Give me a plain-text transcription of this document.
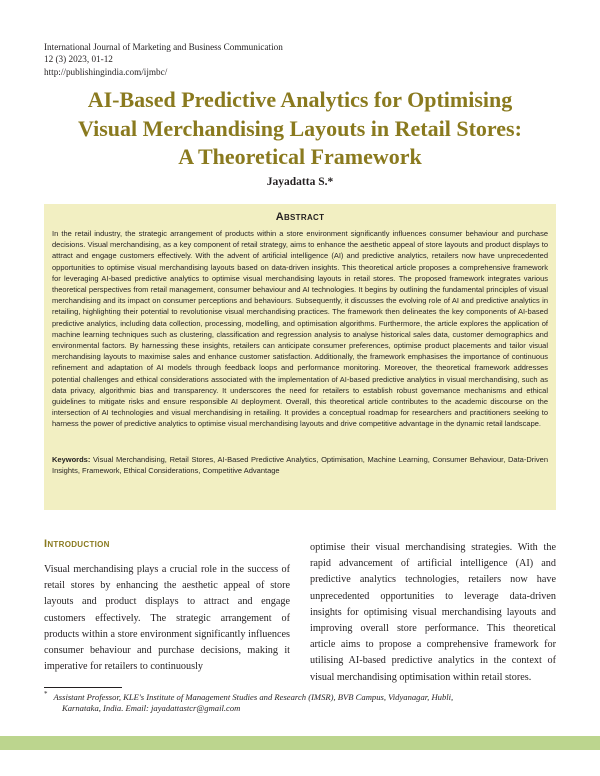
International Journal of Marketing and Business Communication
12 (3) 2023, 01-12
http://publishingindia.com/ijmbc/
AI-Based Predictive Analytics for Optimising
Visual Merchandising Layouts in Retail Stores:
A Theoretical Framework
Jayadatta S.*
Abstract

In the retail industry, the strategic arrangement of products within a store environment significantly influences consumer behaviour and purchase decisions. Visual merchandising, as a key component of retail strategy, aims to enhance the aesthetic appeal of store layouts and product displays to attract and engage customers effectively. With the advent of artificial intelligence (AI) and predictive analytics, retailers now have unprecedented opportunities to optimise visual merchandising layouts based on data-driven insights. This theoretical article proposes a comprehensive framework for leveraging AI-based predictive analytics to optimise visual merchandising layouts in retail stores. The proposed framework integrates various theoretical perspectives from retail management, consumer behaviour and AI technologies. It begins by outlining the fundamental principles of visual merchandising and its impact on consumer perceptions and behaviours. Subsequently, it discusses the evolving role of AI and predictive analytics in retailing, highlighting their potential to revolutionise visual merchandising practices. The framework then delineates the key components of AI-based predictive analytics, including data collection, processing, modelling, and optimisation algorithms. Furthermore, the article explores the application of machine learning techniques such as clustering, classification and regression analysis to analyse historical sales data, customer demographics and environmental factors. By harnessing these insights, retailers can anticipate consumer preferences, optimise product placements and tailor visual merchandising layouts to maximise sales and enhance customer satisfaction. Additionally, the framework emphasises the importance of continuous refinement and adaptation of AI models through feedback loops and performance monitoring. Moreover, the theoretical framework addresses potential challenges and ethical considerations associated with the implementation of AI-based predictive analytics in visual merchandising, such as data privacy, algorithmic bias and transparency. It underscores the need for retailers to establish robust governance mechanisms and ethical guidelines to mitigate risks and ensure responsible AI deployment. Overall, this theoretical article contributes to the academic discourse on the intersection of AI technologies and visual merchandising in retailing. It provides a conceptual roadmap for researchers and practitioners seeking to harness the power of predictive analytics to optimise visual merchandising layouts and drive competitive advantage in the dynamic retail landscape.

Keywords: Visual Merchandising, Retail Stores, AI-Based Predictive Analytics, Optimisation, Machine Learning, Consumer Behaviour, Data-Driven Insights, Framework, Ethical Considerations, Competitive Advantage

Introduction

Visual merchandising plays a crucial role in the success of retail stores by enhancing the aesthetic appeal of store layouts and product displays to attract and engage customers effectively. The strategic arrangement of products within a store environment significantly influences consumer behaviour and purchase decisions, making it imperative for retailers to continuously

optimise their visual merchandising strategies. With the rapid advancement of artificial intelligence (AI) and predictive analytics technologies, retailers now have unprecedented opportunities to leverage data-driven insights for optimising visual merchandising layouts and improving overall store performance. This theoretical article aims to propose a comprehensive framework for utilising AI-based predictive analytics in the context of visual merchandising optimisation within retail stores.

* Assistant Professor, KLE's Institute of Management Studies and Research (IMSR), BVB Campus, Vidyanagar, Hubli,
Karnataka, India. Email: jayadattastcr@gmail.com
